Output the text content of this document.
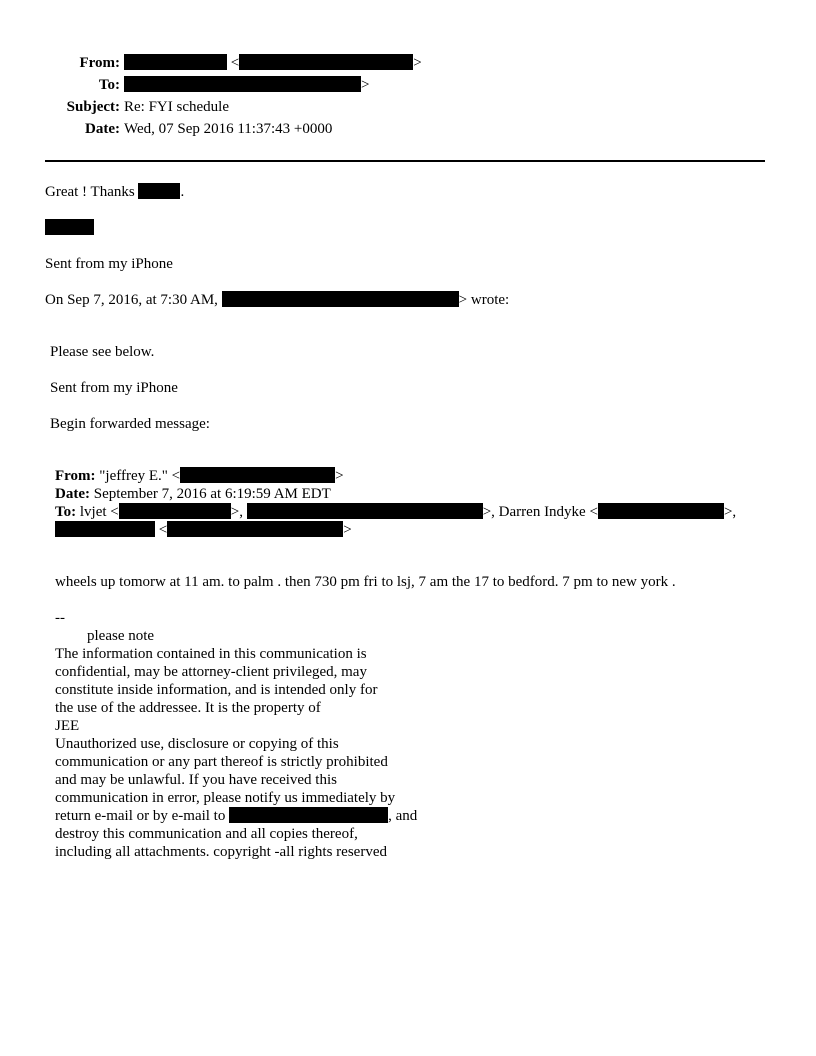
From:	<	>
To:	>
Subject: Re: FYI schedule
Date: Wed, 07 Sep 2016 11:37:43 +0000
Great ! Thanks	.
Sent from my iPhone
On Sep 7, 2016, at 7:30 AM,	> wrote:
Please see below.
Sent from my iPhone
Begin forwarded message:
From: "jeffrey E." <	>
Date: September 7, 2016 at 6:19:59 AM EDT
To: lvjet <	>,	>, Darren Indyke <	>,
<	>
wheels up tomorw at 11 am. to palm . then 730 pm fri to lsj, 7 am the 17 to bedford. 7 pm to new york .
--
please note
The information contained in this communication is
confidential, may be attorney-client privileged, may
constitute inside information, and is intended only for
the use of the addressee. It is the property of
JEE
Unauthorized use, disclosure or copying of this
communication or any part thereof is strictly prohibited
and may be unlawful. If you have received this
communication in error, please notify us immediately by
return e-mail or by e-mail to	, and
destroy this communication and all copies thereof,
including all attachments. copyright -all rights reserved
